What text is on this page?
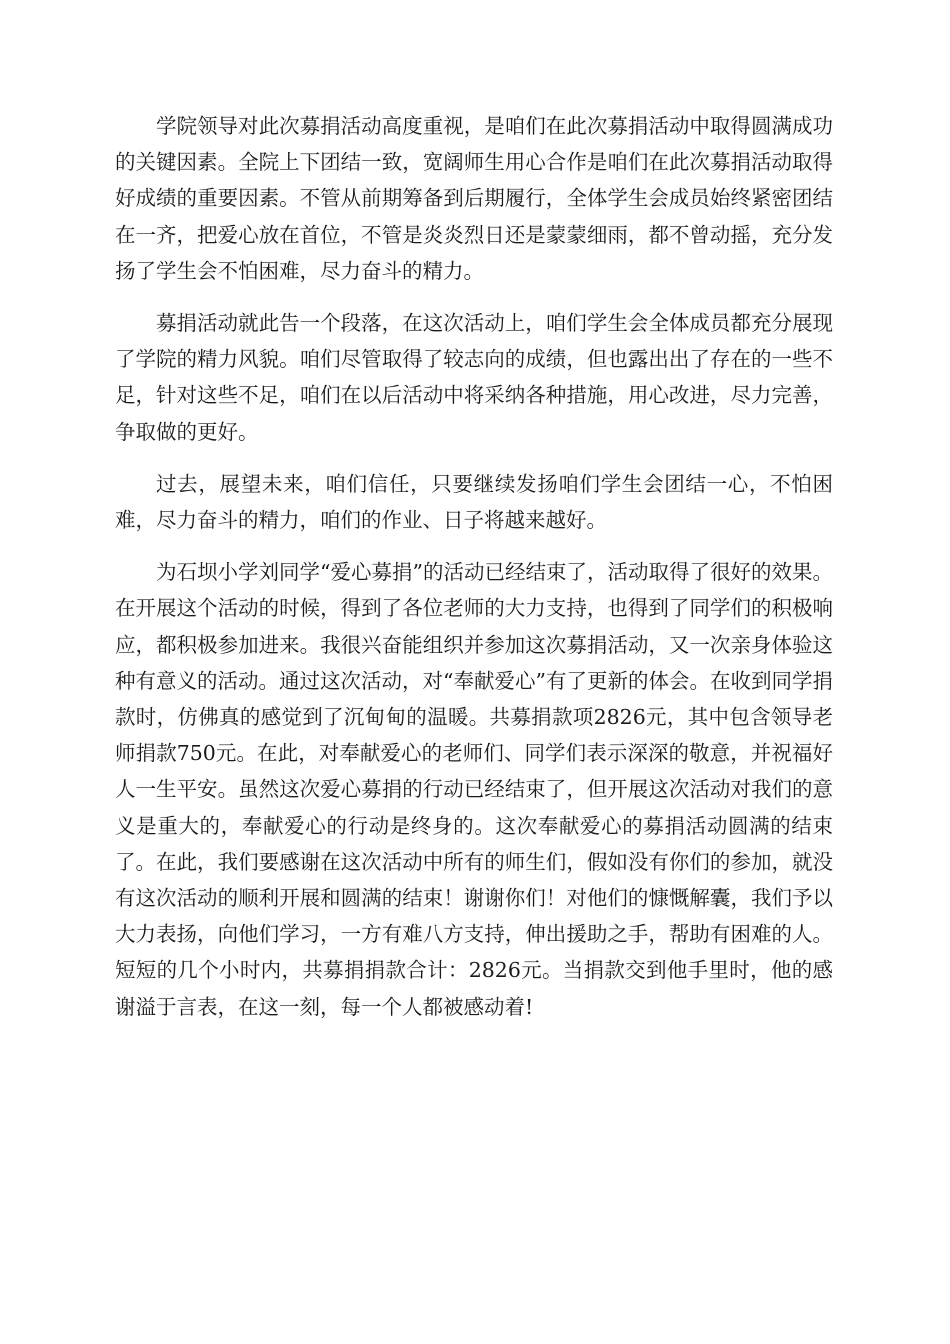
学院领导对此次募捐活动高度重视，是咱们在此次募捐活动中取得圆满成功的关键因素。全院上下团结一致，宽阔师生用心合作是咱们在此次募捐活动取得好成绩的重要因素。不管从前期筹备到后期履行，全体学生会成员始终紧密团结在一齐，把爱心放在首位，不管是炎炎烈日还是蒙蒙细雨，都不曾动摇，充分发扬了学生会不怕困难，尽力奋斗的精力。

募捐活动就此告一个段落，在这次活动上，咱们学生会全体成员都充分展现了学院的精力风貌。咱们尽管取得了较志向的成绩，但也露出出了存在的一些不足，针对这些不足，咱们在以后活动中将采纳各种措施，用心改进，尽力完善，争取做的更好。

过去，展望未来，咱们信任，只要继续发扬咱们学生会团结一心，不怕困难，尽力奋斗的精力，咱们的作业、日子将越来越好。

为石坝小学刘同学“爱心募捐”的活动已经结束了，活动取得了很好的效果。在开展这个活动的时候，得到了各位老师的大力支持，也得到了同学们的积极响应，都积极参加进来。我很兴奋能组织并参加这次募捐活动，又一次亲身体验这种有意义的活动。通过这次活动，对“奉献爱心”有了更新的体会。在收到同学捐款时，仿佛真的感觉到了沉甸甸的温暖。共募捐款项2826元，其中包含领导老师捐款750元。在此，对奉献爱心的老师们、同学们表示深深的敬意，并祝福好人一生平安。虽然这次爱心募捐的行动已经结束了，但开展这次活动对我们的意义是重大的，奉献爱心的行动是终身的。这次奉献爱心的募捐活动圆满的结束了。在此，我们要感谢在这次活动中所有的师生们，假如没有你们的参加，就没有这次活动的顺利开展和圆满的结束！谢谢你们！对他们的慷慨解囊，我们予以大力表扬，向他们学习，一方有难八方支持，伸出援助之手，帮助有困难的人。短短的几个小时内，共募捐捐款合计：2826元。当捐款交到他手里时，他的感谢溢于言表，在这一刻，每一个人都被感动着!
